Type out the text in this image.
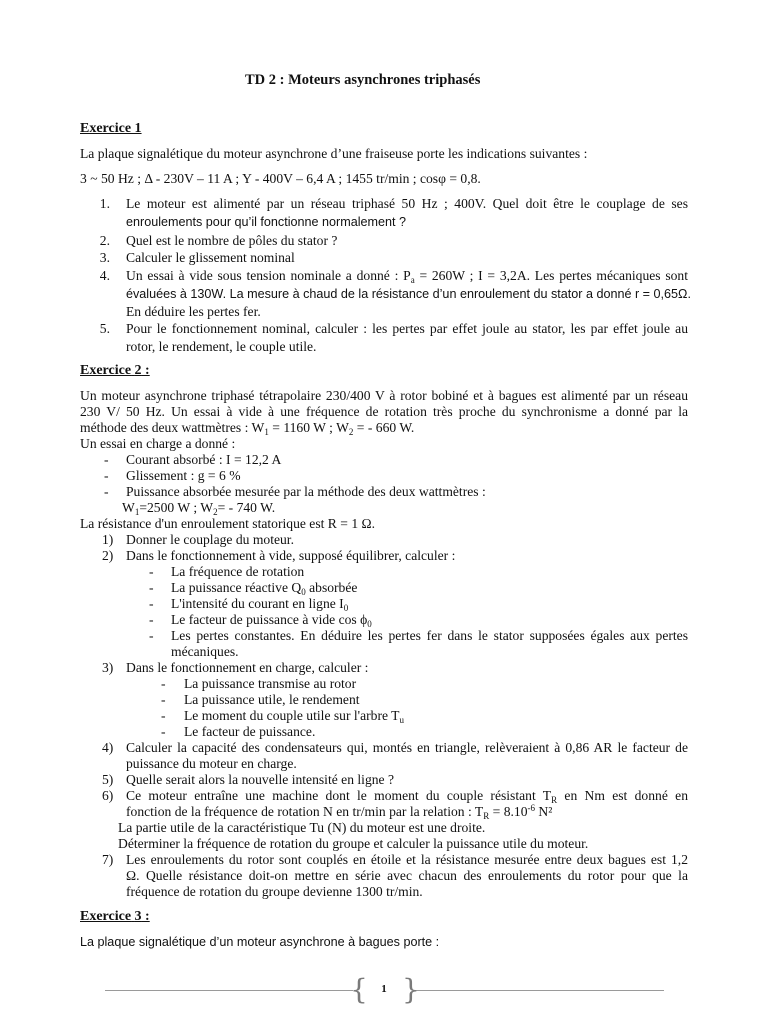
TD 2 : Moteurs asynchrones triphasés
Exercice 1
La plaque signalétique du moteur asynchrone d’une fraiseuse porte les indications suivantes :
3 ~ 50 Hz ; Δ - 230V – 11 A ; Y - 400V – 6,4 A ; 1455 tr/min ; cosφ = 0,8.
1. Le moteur est alimenté par un réseau triphasé 50 Hz ; 400V. Quel doit être le couplage de ses
enroulements pour qu’il fonctionne normalement ?
2. Quel est le nombre de pôles du stator ?
3. Calculer le glissement nominal
4. Un essai à vide sous tension nominale a donné : $P_a = 260W$ ; I = 3,2A. Les pertes mécaniques sont
évaluées à 130W. La mesure à chaud de la résistance d’un enroulement du stator a donné r = 0,65Ω.
En déduire les pertes fer.
5. Pour le fonctionnement nominal, calculer : les pertes par effet joule au stator, les par effet joule au
rotor, le rendement, le couple utile.
Exercice 2 :
Un moteur asynchrone triphasé tétrapolaire 230/400 V à rotor bobiné et à bagues est alimenté par un réseau
230 V/ 50 Hz. Un essai à vide à une fréquence de rotation très proche du synchronisme a donné par la
méthode des deux wattmètres : $W_1 = 1160$ W ; $W_2$ = - 660 W.
Un essai en charge a donné :
- Courant absorbé : I = 12,2 A
- Glissement : g = 6 %
- Puissance absorbée mesurée par la méthode des deux wattmètres :
$W_1=2500$ W ; $W_2= - 740$ W.
La résistance d'un enroulement statorique est R = 1 Ω.
1) Donner le couplage du moteur.
2) Dans le fonctionnement à vide, supposé équilibrer, calculer :
- La fréquence de rotation
- La puissance réactive $Q_0$ absorbée
- L'intensité du courant en ligne $I_0$
- Le facteur de puissance à vide $\cos \phi_0$
- Les pertes constantes. En déduire les pertes fer dans le stator supposées égales aux pertes
mécaniques.
3) Dans le fonctionnement en charge, calculer :
- La puissance transmise au rotor
- La puissance utile, le rendement
- Le moment du couple utile sur l'arbre $T_u$
- Le facteur de puissance.
4) Calculer la capacité des condensateurs qui, montés en triangle, relèveraient à 0,86 AR le facteur de
puissance du moteur en charge.
5) Quelle serait alors la nouvelle intensité en ligne ?
6) Ce moteur entraîne une machine dont le moment du couple résistant $T_R$ en Nm est donné en
fonction de la fréquence de rotation N en tr/min par la relation : $T_R = 8.10^{-6}$ N²
La partie utile de la caractéristique Tu (N) du moteur est une droite.
Déterminer la fréquence de rotation du groupe et calculer la puissance utile du moteur.
7) Les enroulements du rotor sont couplés en étoile et la résistance mesurée entre deux bagues est 1,2
Ω. Quelle résistance doit-on mettre en série avec chacun des enroulements du rotor pour que la
fréquence de rotation du groupe devienne 1300 tr/min.
Exercice 3 :
La plaque signalétique d’un moteur asynchrone à bagues porte :
{ }
1
